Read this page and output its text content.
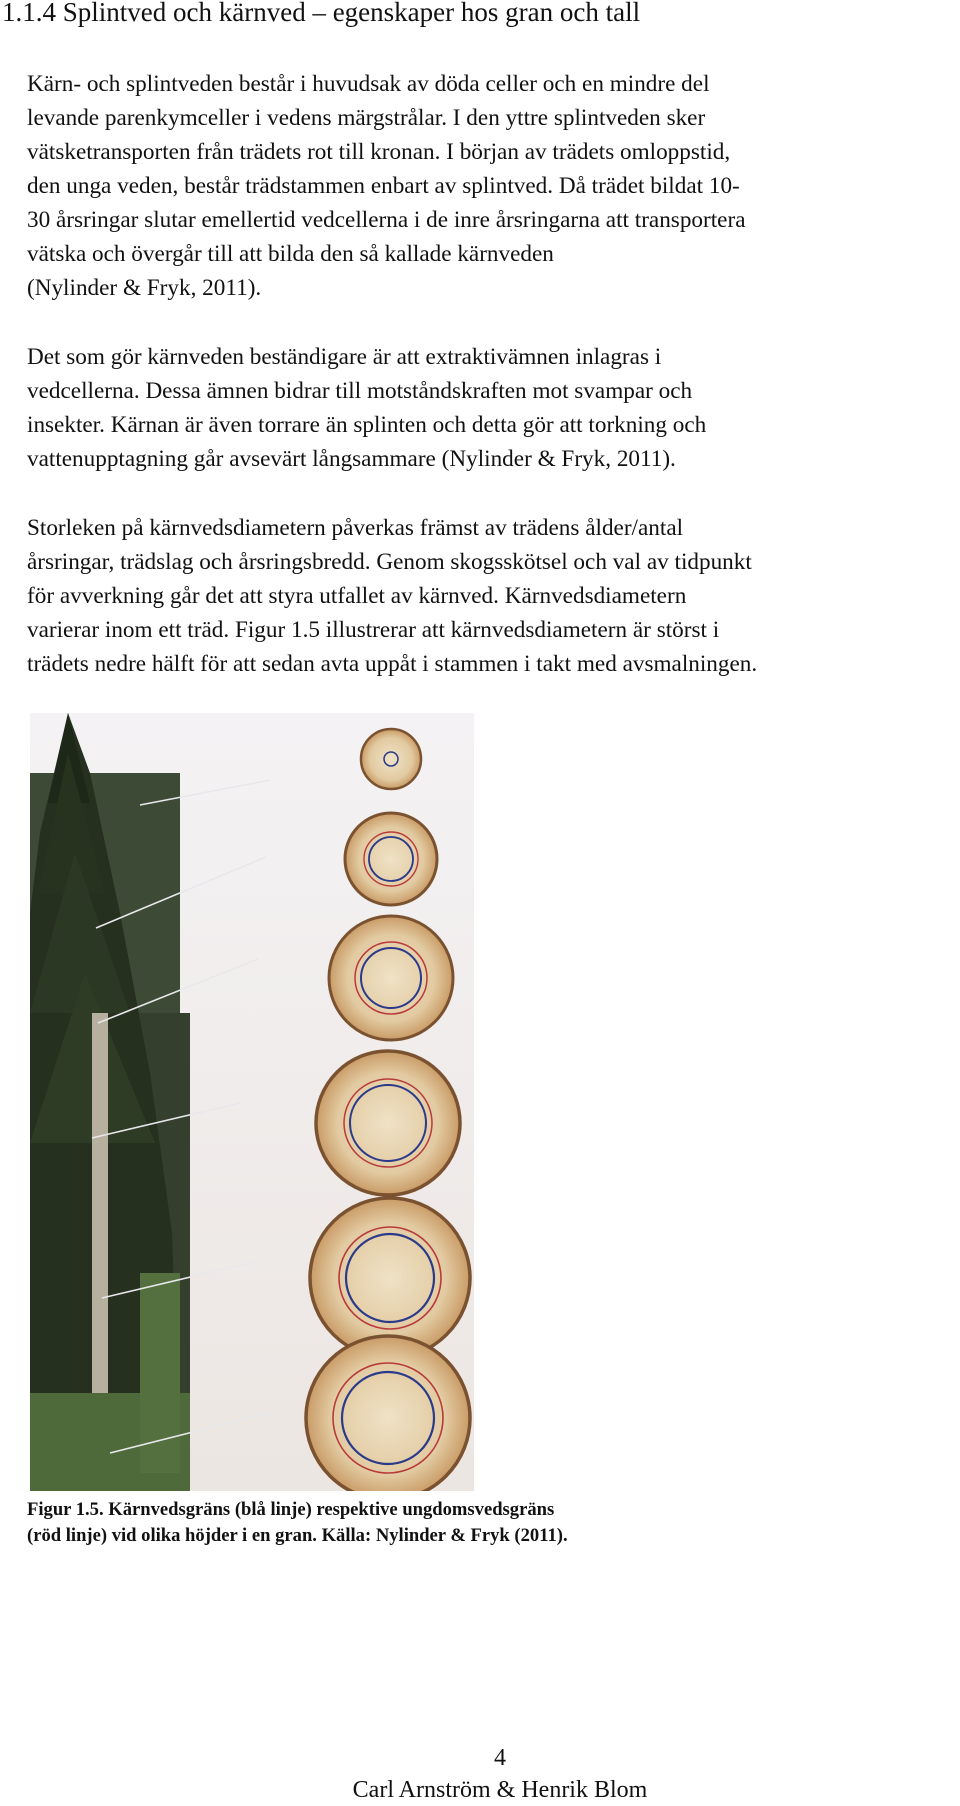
1.1.4 Splintved och kärnved – egenskaper hos gran och tall
Kärn- och splintveden består i huvudsak av döda celler och en mindre del
levande parenkymceller i vedens märgstrålar. I den yttre splintveden sker
vätsketransporten från trädets rot till kronan. I början av trädets omloppstid,
den unga veden, består trädstammen enbart av splintved. Då trädet bildat 10-
30 årsringar slutar emellertid vedcellerna i de inre årsringarna att transportera
vätska och övergår till att bilda den så kallade kärnveden
(Nylinder & Fryk, 2011).
Det som gör kärnveden beständigare är att extraktivämnen inlagras i
vedcellerna. Dessa ämnen bidrar till motståndskraften mot svampar och
insekter. Kärnan är även torrare än splinten och detta gör att torkning och
vattenupptagning går avsevärt långsammare (Nylinder & Fryk, 2011).
Storleken på kärnvedsdiametern påverkas främst av trädens ålder/antal
årsringar, trädslag och årsringsbredd. Genom skogsskötsel och val av tidpunkt
för avverkning går det att styra utfallet av kärnved. Kärnvedsdiametern
varierar inom ett träd. Figur 1.5 illustrerar att kärnvedsdiametern är störst i
trädets nedre hälft för att sedan avta uppåt i stammen i takt med avsmalningen.
Figur 1.5. Kärnvedsgräns (blå linje) respektive ungdomsvedsgräns
(röd linje) vid olika höjder i en gran. Källa: Nylinder & Fryk (2011).
4
Carl Arnström & Henrik Blom
